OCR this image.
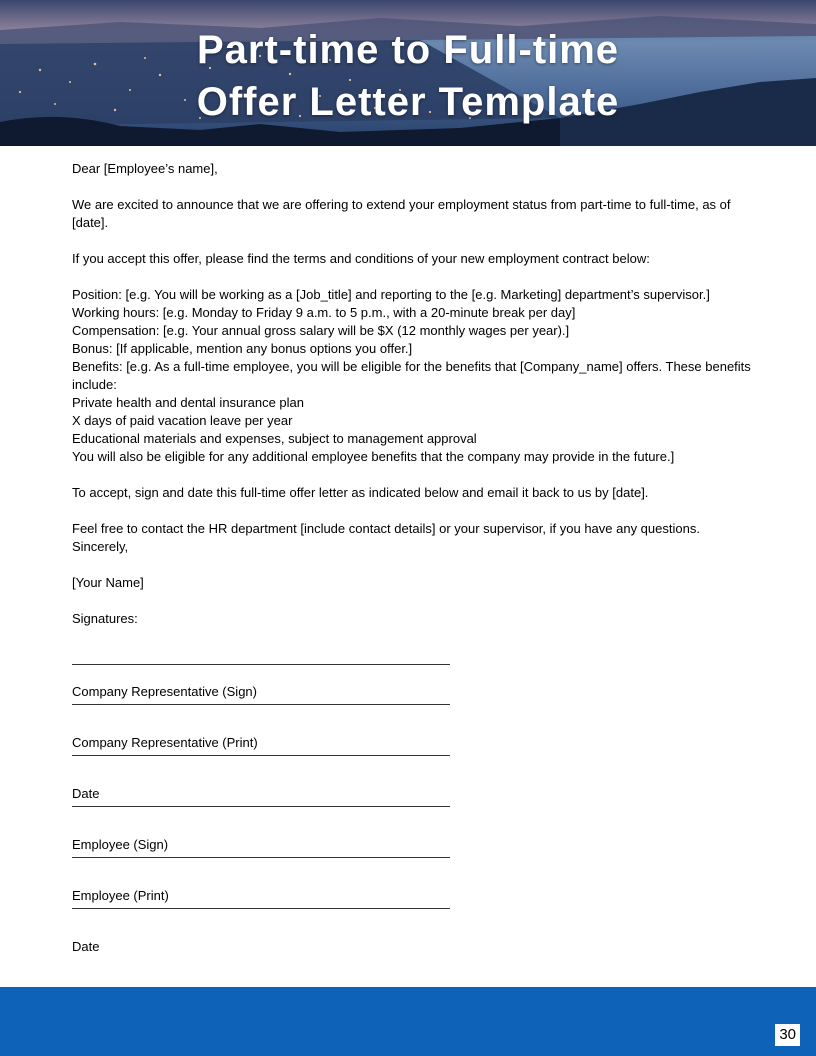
Part-time to Full-time
Offer Letter Template

Dear [Employee’s name],

We are excited to announce that we are offering to extend your employment status from part-time to full-time, as of [date].

If you accept this offer, please find the terms and conditions of your new employment contract below:

Position: [e.g. You will be working as a [Job_title] and reporting to the [e.g. Marketing] department’s supervisor.]

Working hours: [e.g. Monday to Friday 9 a.m. to 5 p.m., with a 20-minute break per day]

Compensation: [e.g. Your annual gross salary will be $X (12 monthly wages per year).]

Bonus: [If applicable, mention any bonus options you offer.]

Benefits: [e.g. As a full-time employee, you will be eligible for the benefits that [Company_name] offers. These benefits include:

Private health and dental insurance plan

X days of paid vacation leave per year

Educational materials and expenses, subject to management approval

You will also be eligible for any additional employee benefits that the company may provide in the future.]

To accept, sign and date this full-time offer letter as indicated below and email it back to us by [date].

Feel free to contact the HR department [include contact details] or your supervisor, if you have any questions.

Sincerely,

[Your Name]

Signatures:

Company Representative (Sign)

Company Representative (Print)

Date

Employee (Sign)

Employee (Print)

Date

30
